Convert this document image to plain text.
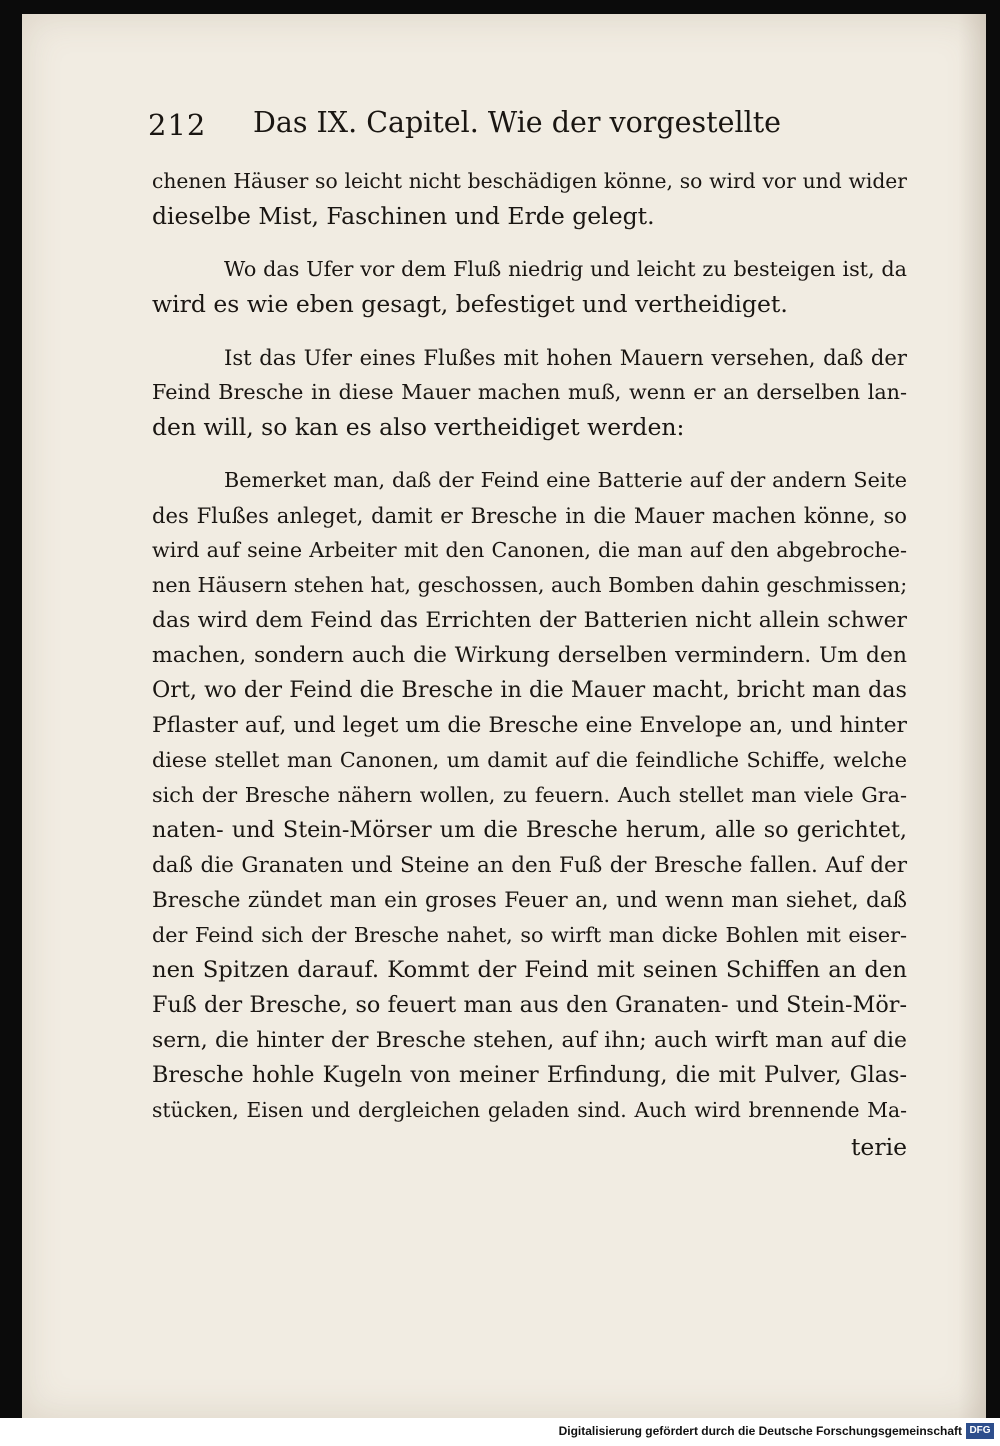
212 Das IX. Capitel. Wie der vorgestellte
chenen Häuser so leicht nicht beschädigen könne, so wird vor und wider
dieselbe Mist, Faschinen und Erde gelegt.
Wo das Ufer vor dem Fluß niedrig und leicht zu besteigen ist, da
wird es wie eben gesagt, befestiget und vertheidiget.
Ist das Ufer eines Flußes mit hohen Mauern versehen, daß der
Feind Bresche in diese Mauer machen muß, wenn er an derselben lan-
den will, so kan es also vertheidiget werden:
Bemerket man, daß der Feind eine Batterie auf der andern Seite
des Flußes anleget, damit er Bresche in die Mauer machen könne, so
wird auf seine Arbeiter mit den Canonen, die man auf den abgebroche-
nen Häusern stehen hat, geschossen, auch Bomben dahin geschmissen;
das wird dem Feind das Errichten der Batterien nicht allein schwer
machen, sondern auch die Wirkung derselben vermindern. Um den
Ort, wo der Feind die Bresche in die Mauer macht, bricht man das
Pflaster auf, und leget um die Bresche eine Envelope an, und hinter
diese stellet man Canonen, um damit auf die feindliche Schiffe, welche
sich der Bresche nähern wollen, zu feuern. Auch stellet man viele Gra-
naten- und Stein-Mörser um die Bresche herum, alle so gerichtet,
daß die Granaten und Steine an den Fuß der Bresche fallen. Auf der
Bresche zündet man ein groses Feuer an, und wenn man siehet, daß
der Feind sich der Bresche nahet, so wirft man dicke Bohlen mit eiser-
nen Spitzen darauf. Kommt der Feind mit seinen Schiffen an den
Fuß der Bresche, so feuert man aus den Granaten- und Stein-Mör-
sern, die hinter der Bresche stehen, auf ihn; auch wirft man auf die
Bresche hohle Kugeln von meiner Erfindung, die mit Pulver, Glas-
stücken, Eisen und dergleichen geladen sind. Auch wird brennende Ma-
terie
Digitalisierung gefördert durch die Deutsche Forschungsgemeinschaft DFG
